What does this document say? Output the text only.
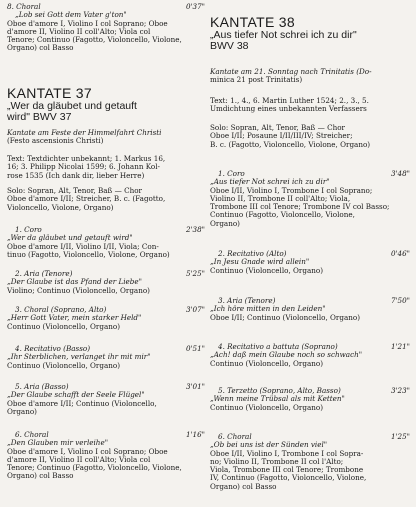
8. Choral	0'37"
„Lob sei Gott dem Vater g'ton"
Oboe d'amore I, Violino I col Soprano; Oboe
d'amore II, Violino II coll'Alto; Viola col
Tenore; Continuo (Fagotto, Violoncello, Violone,
Organo) col Basso
KANTATE 37
„Wer da gläubet und getauft
wird" BWV 37
Kantate am Feste der Himmelfahrt Christi
(Festo ascensionis Christi)
Text: Textdichter unbekannt; 1. Markus 16,
16; 3. Philipp Nicolai 1599; 6. Johann Kol-
rose 1535 (Ich dank dir, lieber Herre)
Solo: Sopran, Alt, Tenor, Baß — Chor
Oboe d'amore I/II; Streicher, B. c. (Fagotto,
Violoncello, Violone, Organo)
1. Coro	2'38"
„Wer da gläubet und getauft wird"
Oboe d'amore I/II, Violino I/II, Viola; Con-
tinuo (Fagotto, Violoncello, Violone, Organo)
2. Aria (Tenore)	5'25"
„Der Glaube ist das Pfand der Liebe"
Violino; Continuo (Violoncello, Organo)
3. Choral (Soprano, Alto)	3'07"
„Herr Gott Vater, mein starker Held"
Continuo (Violoncello, Organo)
4. Recitativo (Basso)	0'51"
„Ihr Sterblichen, verlanget ihr mit mir"
Continuo (Violoncello, Organo)
5. Aria (Basso)	3'01"
„Der Glaube schafft der Seele Flügel"
Oboe d'amore I/II; Continuo (Violoncello,
Organo)
6. Choral	1'16"
„Den Glauben mir verleihe"
Oboe d'amore I, Violino I col Soprano; Oboe
d'amore II, Violino II coll'Alto; Viola col
Tenore; Continuo (Fagotto, Violoncello, Violone,
Organo) col Basso
KANTATE 38
„Aus tiefer Not schrei ich zu dir"
BWV 38
Kantate am 21. Sonntag nach Trinitatis (Do-
minica 21 post Trinitatis)
Text: 1., 4., 6. Martin Luther 1524; 2., 3., 5.
Umdichtung eines unbekannten Verfassers
Solo: Sopran, Alt, Tenor, Baß — Chor
Oboe I/II; Posaune I/II/III/IV; Streicher;
B. c. (Fagotto, Violoncello, Violone, Organo)
1. Coro	3'48"
„Aus tiefer Not schrei ich zu dir"
Oboe I/II, Violino I, Trombone I col Soprano;
Violino II, Trombone II coll'Alto; Viola,
Trombone III col Tenore; Trombone IV col Basso;
Continuo (Fagotto, Violoncello, Violone,
Organo)
2. Recitativo (Alto)	0'46"
„In Jesu Gnade wird allein"
Continuo (Violoncello, Organo)
3. Aria (Tenore)	7'50"
„Ich höre mitten in den Leiden"
Oboe I/II; Continuo (Violoncello, Organo)
4. Recitativo a battuta (Soprano)	1'21"
„Ach! daß mein Glaube noch so schwach"
Continuo (Violoncello, Organo)
5. Terzetto (Soprano, Alto, Basso)	3'23"
„Wenn meine Trübsal als mit Ketten"
Continuo (Violoncello, Organo)
6. Choral	1'25"
„Ob bei uns ist der Sünden viel"
Oboe I/II, Violino I, Trombone I col Sopra-
no; Violino II, Trombone II col l'Alto;
Viola, Trombone III col Tenore; Trombone
IV, Continuo (Fagotto, Violoncello, Violone,
Organo) col Basso
